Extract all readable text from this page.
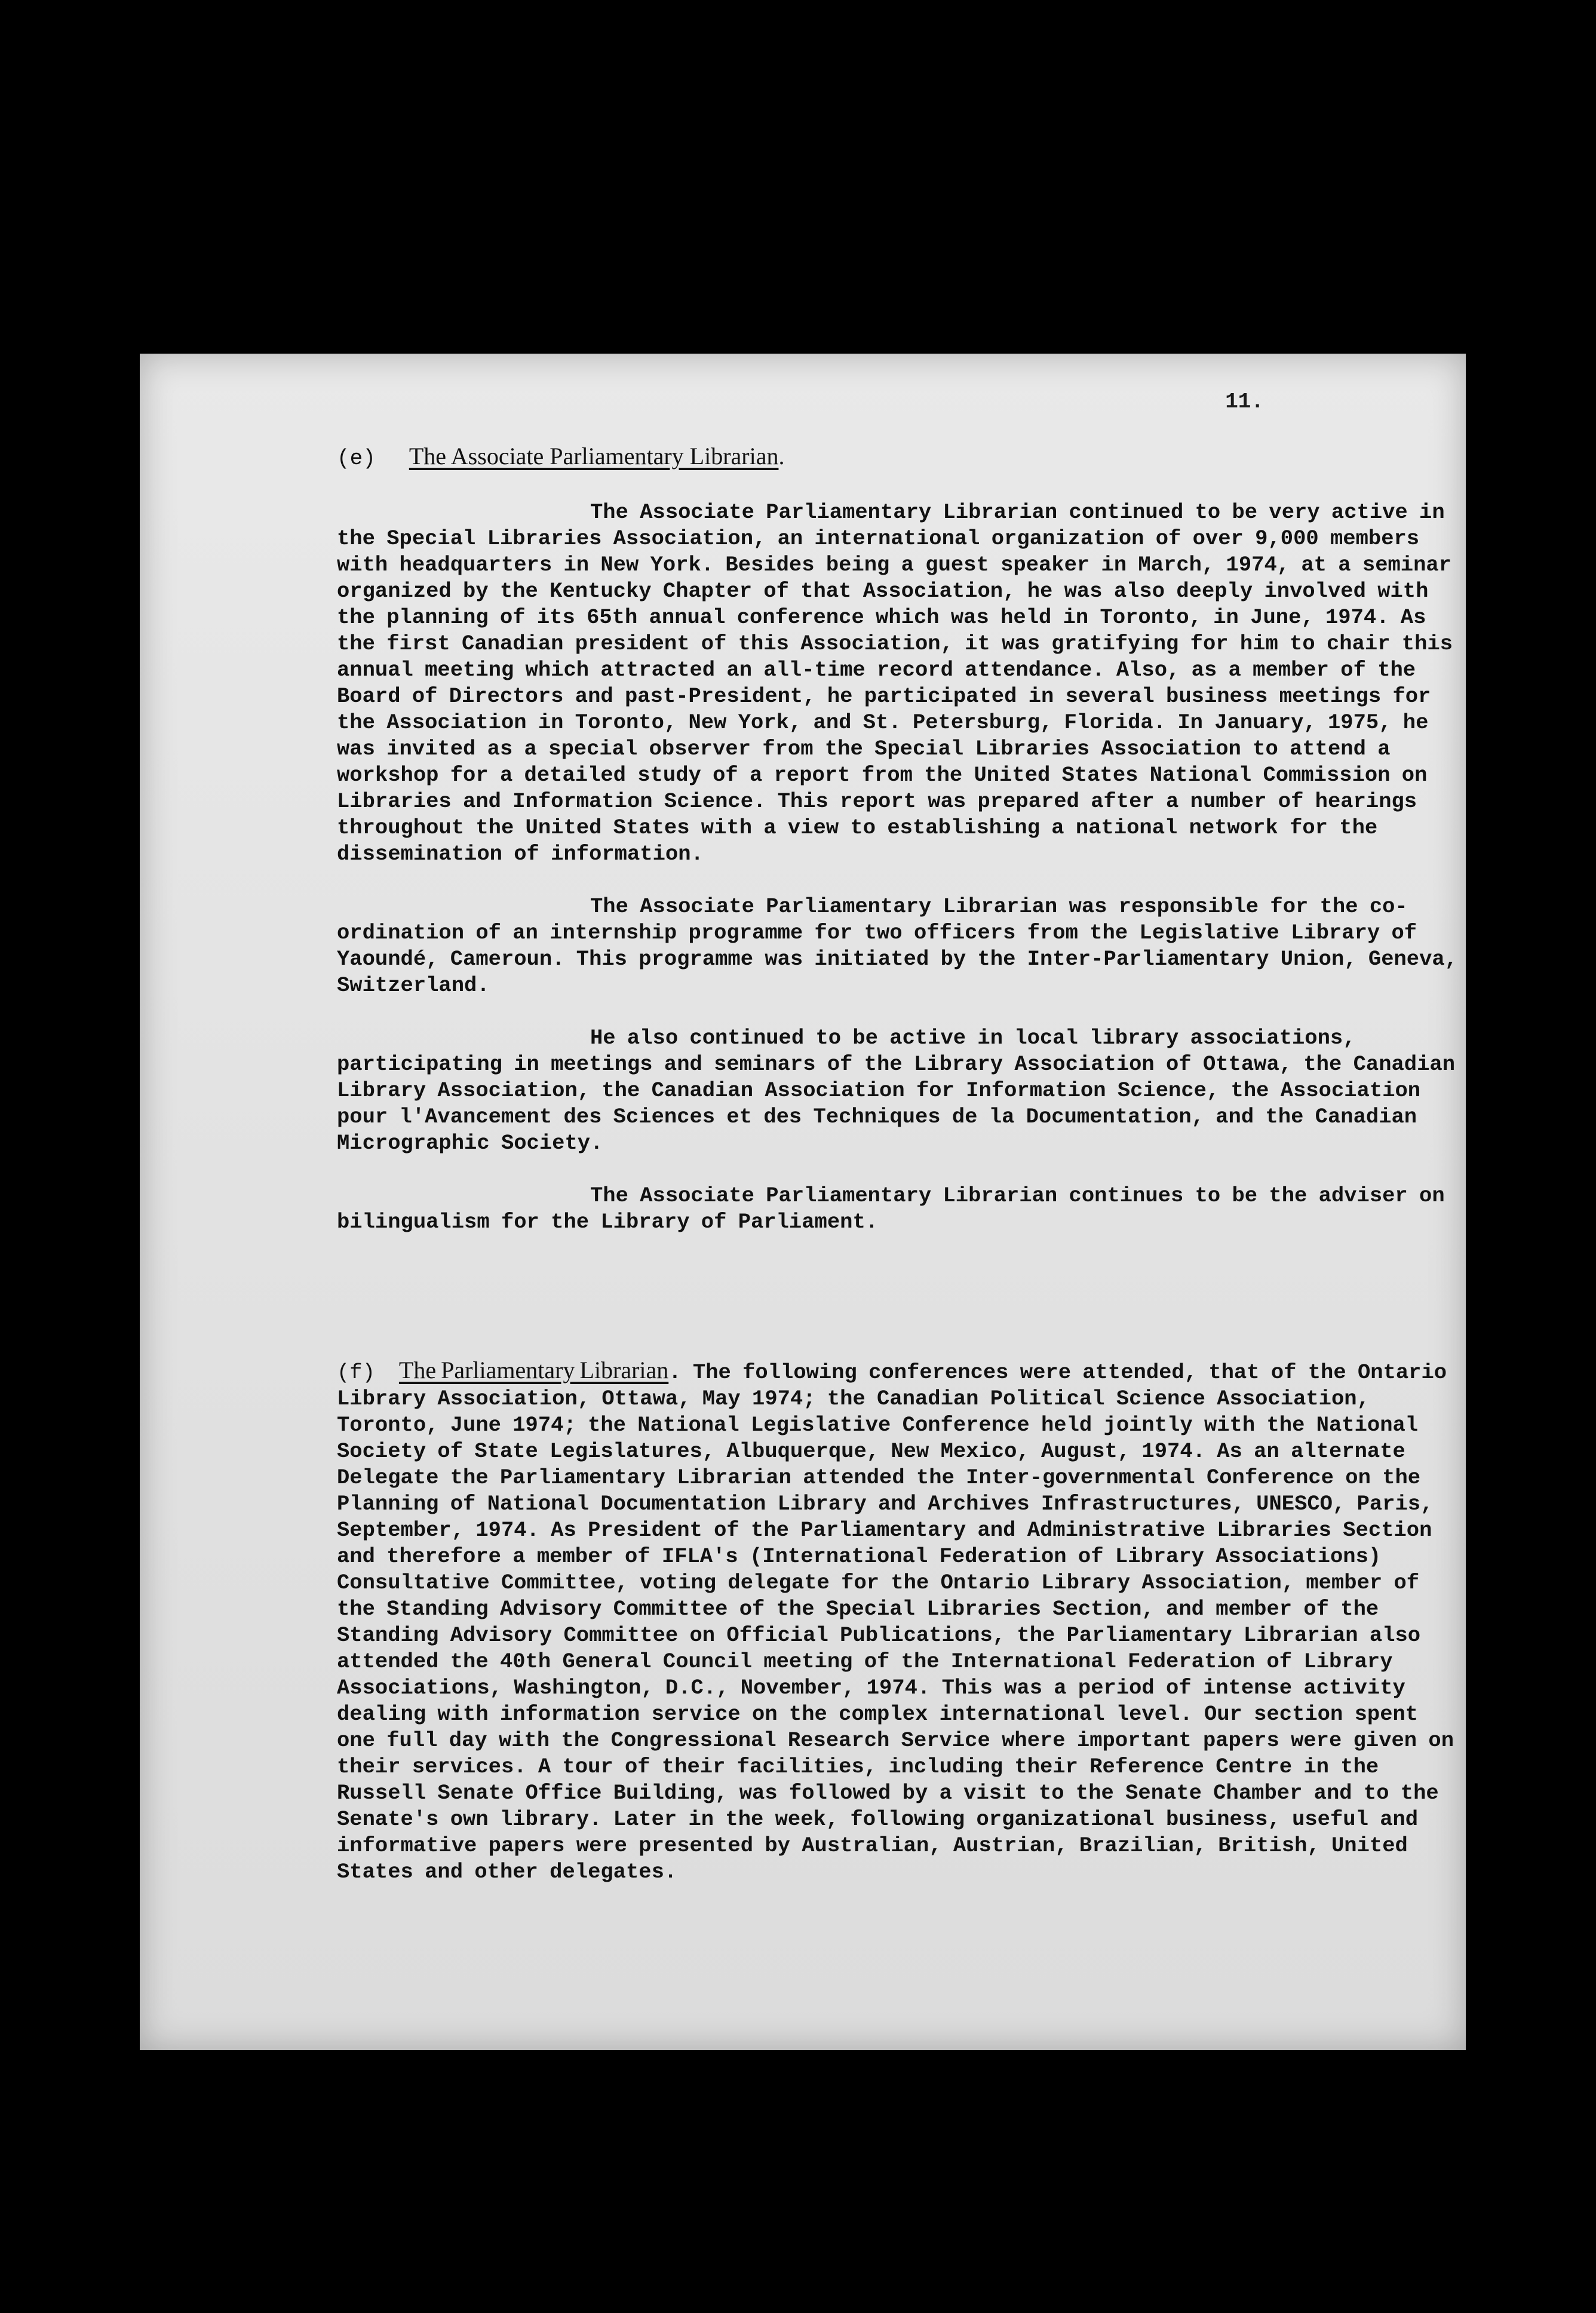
11.
(e) The Associate Parliamentary Librarian.

The Associate Parliamentary Librarian continued to be very active in the Special Libraries Association, an international organization of over 9,000 members with headquarters in New York. Besides being a guest speaker in March, 1974, at a seminar organized by the Kentucky Chapter of that Association, he was also deeply involved with the planning of its 65th annual conference which was held in Toronto, in June, 1974. As the first Canadian president of this Association, it was gratifying for him to chair this annual meeting which attracted an all-time record attendance. Also, as a member of the Board of Directors and past-President, he participated in several business meetings for the Association in Toronto, New York, and St. Petersburg, Florida. In January, 1975, he was invited as a special observer from the Special Libraries Association to attend a workshop for a detailed study of a report from the United States National Commission on Libraries and Information Science. This report was prepared after a number of hearings throughout the United States with a view to establishing a national network for the dissemination of information.

The Associate Parliamentary Librarian was responsible for the co-ordination of an internship programme for two officers from the Legislative Library of Yaoundé, Cameroun. This programme was initiated by the Inter-Parliamentary Union, Geneva, Switzerland.

He also continued to be active in local library associations, participating in meetings and seminars of the Library Association of Ottawa, the Canadian Library Association, the Canadian Association for Information Science, the Association pour l'Avancement des Sciences et des Techniques de la Documentation, and the Canadian Micrographic Society.

The Associate Parliamentary Librarian continues to be the adviser on bilingualism for the Library of Parliament.

(f) The Parliamentary Librarian. The following conferences were attended, that of the Ontario Library Association, Ottawa, May 1974; the Canadian Political Science Association, Toronto, June 1974; the National Legislative Conference held jointly with the National Society of State Legislatures, Albuquerque, New Mexico, August, 1974. As an alternate Delegate the Parliamentary Librarian attended the Inter-governmental Conference on the Planning of National Documentation Library and Archives Infrastructures, UNESCO, Paris, September, 1974. As President of the Parliamentary and Administrative Libraries Section and therefore a member of IFLA's (International Federation of Library Associations) Consultative Committee, voting delegate for the Ontario Library Association, member of the Standing Advisory Committee of the Special Libraries Section, and member of the Standing Advisory Committee on Official Publications, the Parliamentary Librarian also attended the 40th General Council meeting of the International Federation of Library Associations, Washington, D.C., November, 1974. This was a period of intense activity dealing with information service on the complex international level. Our section spent one full day with the Congressional Research Service where important papers were given on their services. A tour of their facilities, including their Reference Centre in the Russell Senate Office Building, was followed by a visit to the Senate Chamber and to the Senate's own library. Later in the week, following organizational business, useful and informative papers were presented by Australian, Austrian, Brazilian, British, United States and other delegates.
